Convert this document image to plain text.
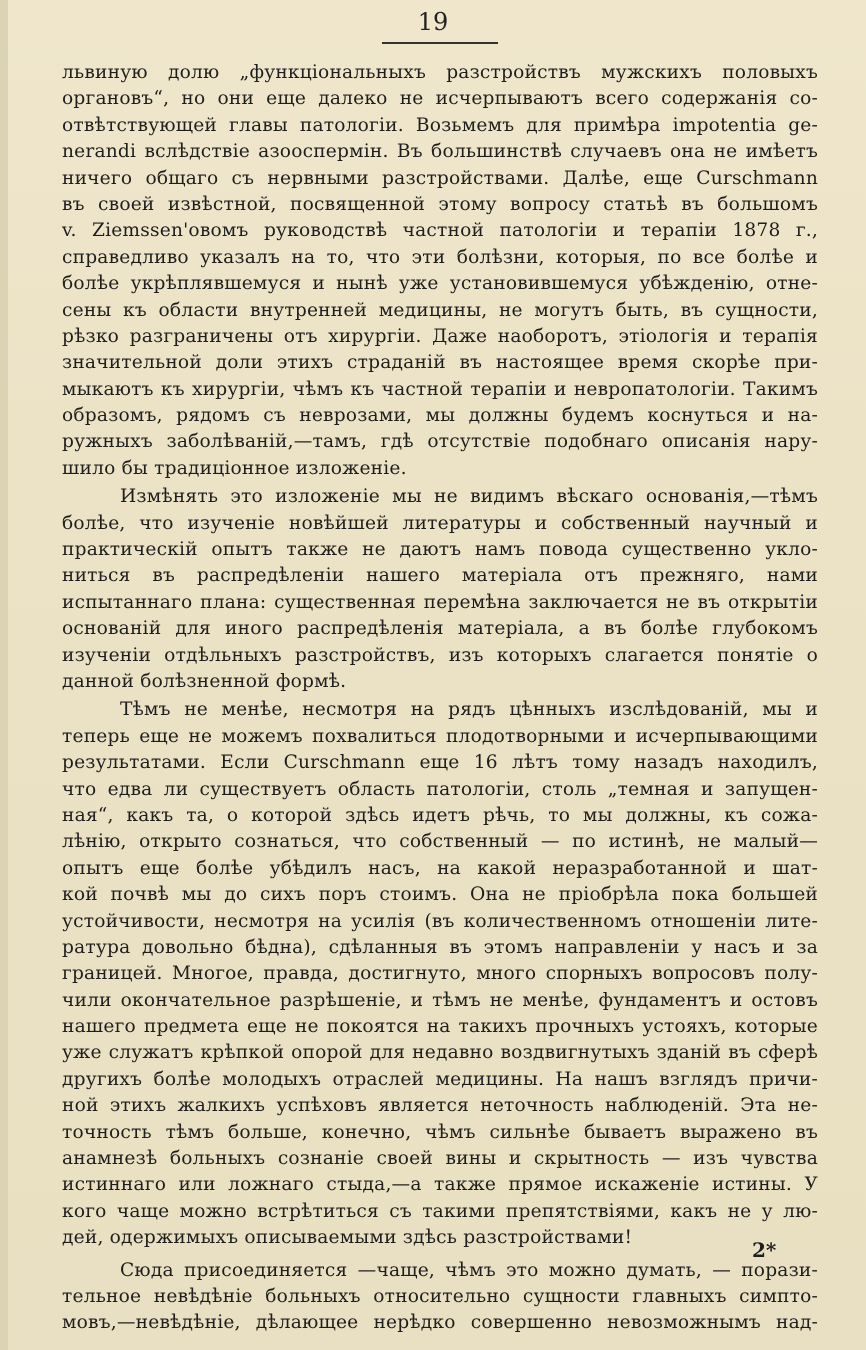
19
львиную долю „функціональныхъ разстройствъ мужскихъ половыхъ
органовъ“, но они еще далеко не исчерпываютъ всего содержанія со-
отвѣтствующей главы патологіи. Возьмемъ для примѣра impotentia ge-
nerandi вслѣдствіе азооспермін. Въ большинствѣ случаевъ она не имѣетъ
ничего общаго съ нервными разстройствами. Далѣе, еще Curschmann
въ своей извѣстной, посвященной этому вопросу статьѣ въ большомъ
v. Ziemssen'овомъ руководствѣ частной патологіи и терапіи 1878 г.,
справедливо указалъ на то, что эти болѣзни, которыя, по все болѣе и
болѣе укрѣплявшемуся и нынѣ уже установившемуся убѣжденію, отне-
сены къ области внутренней медицины, не могутъ быть, въ сущности,
рѣзко разграничены отъ хирургіи. Даже наоборотъ, этіологія и терапія
значительной доли этихъ страданій въ настоящее время скорѣе при-
мыкаютъ къ хирургіи, чѣмъ къ частной терапіи и невропатологіи. Такимъ
образомъ, рядомъ съ неврозами, мы должны будемъ коснуться и на-
ружныхъ заболѣваній,—тамъ, гдѣ отсутствіе подобнаго описанія нару-
шило бы традиціонное изложеніе.
Измѣнять это изложеніе мы не видимъ вѣскаго основанія,—тѣмъ
болѣе, что изученіе новѣйшей литературы и собственный научный и
практическій опытъ также не даютъ намъ повода существенно укло-
ниться въ распредѣленіи нашего матеріала отъ прежняго, нами
испытаннаго плана: существенная перемѣна заключается не въ открытіи
основаній для иного распредѣленія матеріала, а въ болѣе глубокомъ
изученіи отдѣльныхъ разстройствъ, изъ которыхъ слагается понятіе о
данной болѣзненной формѣ.
Тѣмъ не менѣе, несмотря на рядъ цѣнныхъ изслѣдованій, мы и
теперь еще не можемъ похвалиться плодотворными и исчерпывающими
результатами. Если Curschmann еще 16 лѣтъ тому назадъ находилъ,
что едва ли существуетъ область патологіи, столь „темная и запущен-
ная“, какъ та, о которой здѣсь идетъ рѣчь, то мы должны, къ сожа-
лѣнію, открыто сознаться, что собственный — по истинѣ, не малый—
опытъ еще болѣе убѣдилъ насъ, на какой неразработанной и шат-
кой почвѣ мы до сихъ поръ стоимъ. Она не пріобрѣла пока большей
устойчивости, несмотря на усилія (въ количественномъ отношеніи лите-
ратура довольно бѣдна), сдѣланныя въ этомъ направленіи у насъ и за
границей. Многое, правда, достигнуто, много спорныхъ вопросовъ полу-
чили окончательное разрѣшеніе, и тѣмъ не менѣе, фундаментъ и остовъ
нашего предмета еще не покоятся на такихъ прочныхъ устояхъ, которые
уже служатъ крѣпкой опорой для недавно воздвигнутыхъ зданій въ сферѣ
другихъ болѣе молодыхъ отраслей медицины. На нашъ взглядъ причи-
ной этихъ жалкихъ успѣховъ является неточность наблюденій. Эта не-
точность тѣмъ больше, конечно, чѣмъ сильнѣе бываетъ выражено въ
анамнезѣ больныхъ сознаніе своей вины и скрытность — изъ чувства
истиннаго или ложнаго стыда,—а также прямое искаженіе истины. У
кого чаще можно встрѣтиться съ такими препятствіями, какъ не у лю-
дей, одержимыхъ описываемыми здѣсь разстройствами!
Сюда присоединяется —чаще, чѣмъ это можно думать, — порази-
тельное невѣдѣніе больныхъ относительно сущности главныхъ симпто-
мовъ,—невѣдѣніе, дѣлающее нерѣдко совершенно невозможнымъ над-
2*
